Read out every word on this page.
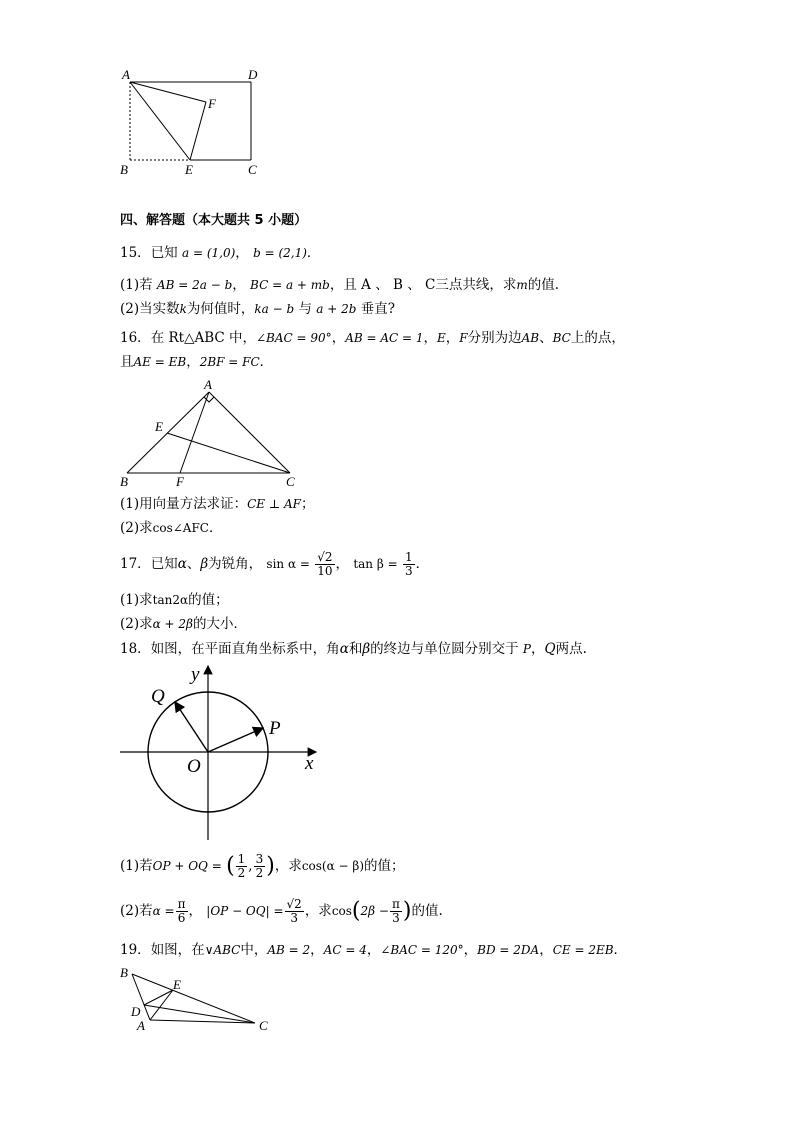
A	D
F
B	E	C
四、解答题（本大题共 5 小题）
15．已知 a = (1,0)， b = (2,1)．
(1)若 AB = 2a − b， BC = a + mb，且 A 、 B 、 C三点共线，求m的值.
(2)当实数k为何值时，ka − b 与 a + 2b 垂直?
16．在 Rt△ABC 中，∠BAC = 90°，AB = AC = 1，E，F分别为边AB、BC上的点，
且AE = EB，2BF = FC．
A
E
B	F	C
(1)用向量方法求证：CE ⊥ AF；
(2)求cos∠AFC．
17．已知α、β为锐角， $\sin \alpha = \frac{√2}{10}$ ， $\tan \beta = \frac{1}{3}$ ．
(1)求tan2α的值；
(2)求α + 2β的大小．
18．如图，在平面直角坐标系中，角α和β的终边与单位圆分别交于 P，Q两点.
y
x
O
P
Q
(1)若OP + OQ = ( $\frac{1}{2}$ , $\frac{3}{2}$ )，求cos(α − β)的值；
(2)若$\alpha = \frac{\pi}{6}$ ， $|OP - OQ| = \frac{√2}{3}$ ，求$\cos(2\beta - \frac{\pi}{3}$ )的值.
19．如图，在∨ABC中，AB = 2，AC = 4，∠BAC = 120°，BD = 2DA，CE = 2EB．
B
E
D
A	C
